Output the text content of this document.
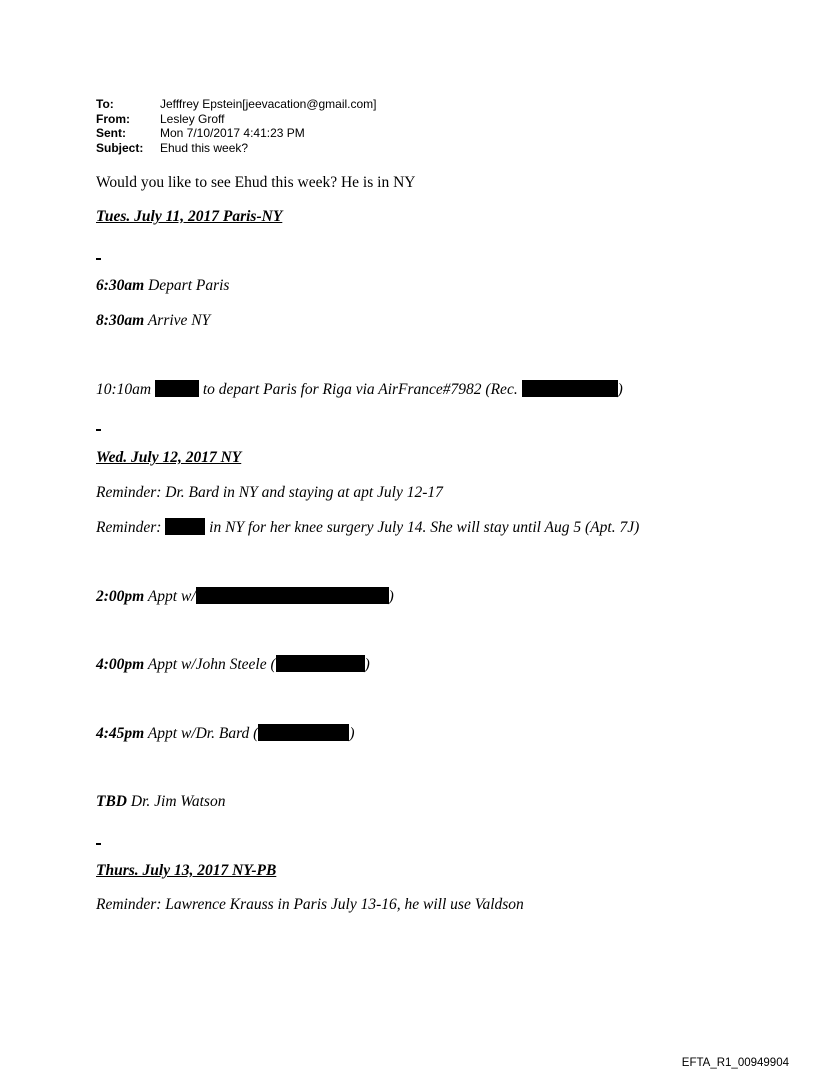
To:	Jefffrey Epstein[jeevacation@gmail.com]
From:	Lesley Groff
Sent:	Mon 7/10/2017 4:41:23 PM
Subject:	Ehud this week?
Would you like to see Ehud this week? He is in NY
Tues. July 11, 2017 Paris-NY
6:30am Depart Paris
8:30am Arrive NY
10:10am	to depart Paris for Riga via AirFrance#7982 (Rec.	)
Wed. July 12, 2017 NY
Reminder: Dr. Bard in NY and staying at apt July 12-17
Reminder:	in NY for her knee surgery July 14. She will stay until Aug 5 (Apt. 7J)
2:00pm Appt w/	)
4:00pm Appt w/John Steele (	)
4:45pm Appt w/Dr. Bard (	)
TBD Dr. Jim Watson
Thurs. July 13, 2017 NY-PB
Reminder: Lawrence Krauss in Paris July 13-16, he will use Valdson
EFTA_R1_00949904
